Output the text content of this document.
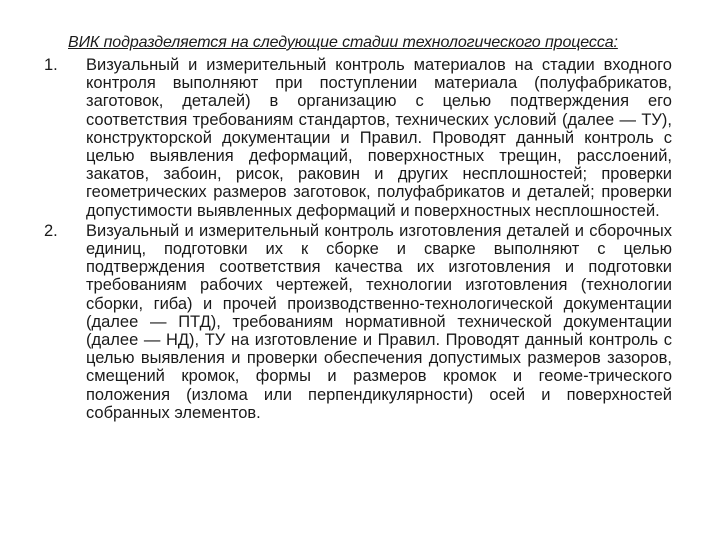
ВИК подразделяется на следующие стадии технологического процесса:
1. Визуальный и измерительный контроль материалов на стадии входного контроля выполняют при поступлении материала (полуфабрикатов, заготовок, деталей) в организацию с целью подтверждения его соответствия требованиям стандартов, технических условий (далее — ТУ), конструкторской документации и Правил. Проводят данный контроль с целью выявления деформаций, поверхностных трещин, расслоений, закатов, забоин, рисок, раковин и других несплошностей; проверки геометрических размеров заготовок, полуфабрикатов и деталей; проверки допустимости выявленных деформаций и поверхностных несплошностей.
2. Визуальный и измерительный контроль изготовления деталей и сборочных единиц, подготовки их к сборке и сварке выполняют с целью подтверждения соответствия качества их изготовления и подготовки требованиям рабочих чертежей, технологии изготовления (технологии сборки, гиба) и прочей производственно-технологической документации (далее — ПТД), требованиям нормативной технической документации (далее — НД), ТУ на изготовление и Правил. Проводят данный контроль с целью выявления и проверки обеспечения допустимых размеров зазоров, смещений кромок, формы и размеров кромок и геоме-трического положения (излома или перпендикулярности) осей и поверхностей собранных элементов.
